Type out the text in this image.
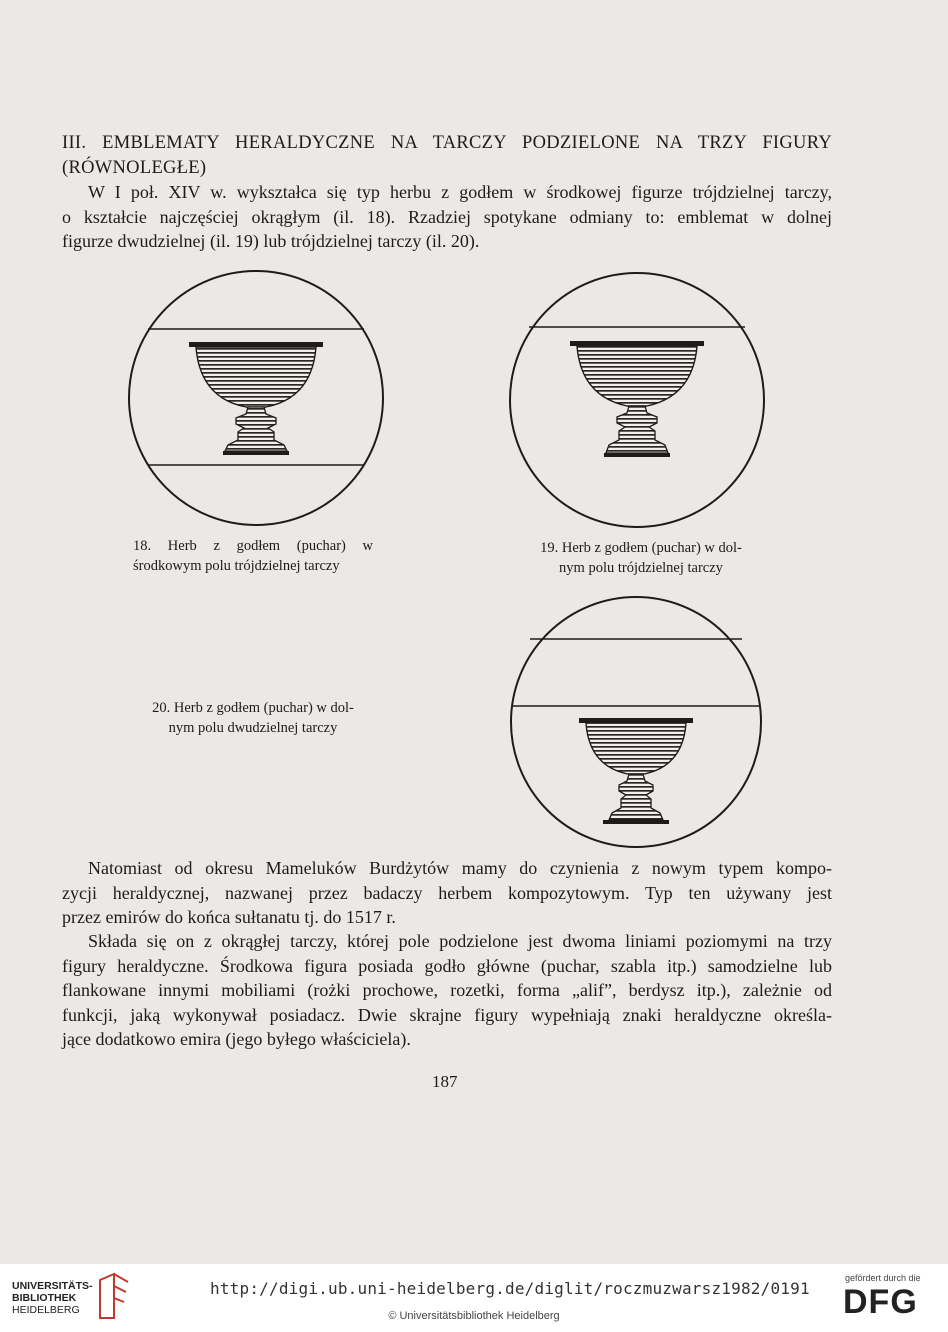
III. EMBLEMATY HERALDYCZNE NA TARCZY PODZIELONE NA TRZY FIGURY
(RÓWNOLEGŁE)
W I poł. XIV w. wykształca się typ herbu z godłem w środkowej figurze trójdzielnej tarczy,
o kształcie najczęściej okrągłym (il. 18). Rzadziej spotykane odmiany to: emblemat w dolnej
figurze dwudzielnej (il. 19) lub trójdzielnej tarczy (il. 20).
18. Herb z godłem (puchar) w
środkowym polu trójdzielnej tarczy
19. Herb z godłem (puchar) w dol-
nym polu trójdzielnej tarczy
20. Herb z godłem (puchar) w dol-
nym polu dwudzielnej tarczy
Natomiast od okresu Mameluków Burdżytów mamy do czynienia z nowym typem kompo-
zycji heraldycznej, nazwanej przez badaczy herbem kompozytowym. Typ ten używany jest
przez emirów do końca sułtanatu tj. do 1517 r.
Składa się on z okrągłej tarczy, której pole podzielone jest dwoma liniami poziomymi na trzy
figury heraldyczne. Środkowa figura posiada godło główne (puchar, szabla itp.) samodzielne lub
flankowane innymi mobiliami (rożki prochowe, rozetki, forma „alif”, berdysz itp.), zależnie od
funkcji, jaką wykonywał posiadacz. Dwie skrajne figury wypełniają znaki heraldyczne określa-
jące dodatkowo emira (jego byłego właściciela).
187
UNIVERSITÄTS-
BIBLIOTHEK
HEIDELBERG
http://digi.ub.uni-heidelberg.de/diglit/roczmuzwarsz1982/0191
© Universitätsbibliothek Heidelberg
gefördert durch die
DFG
